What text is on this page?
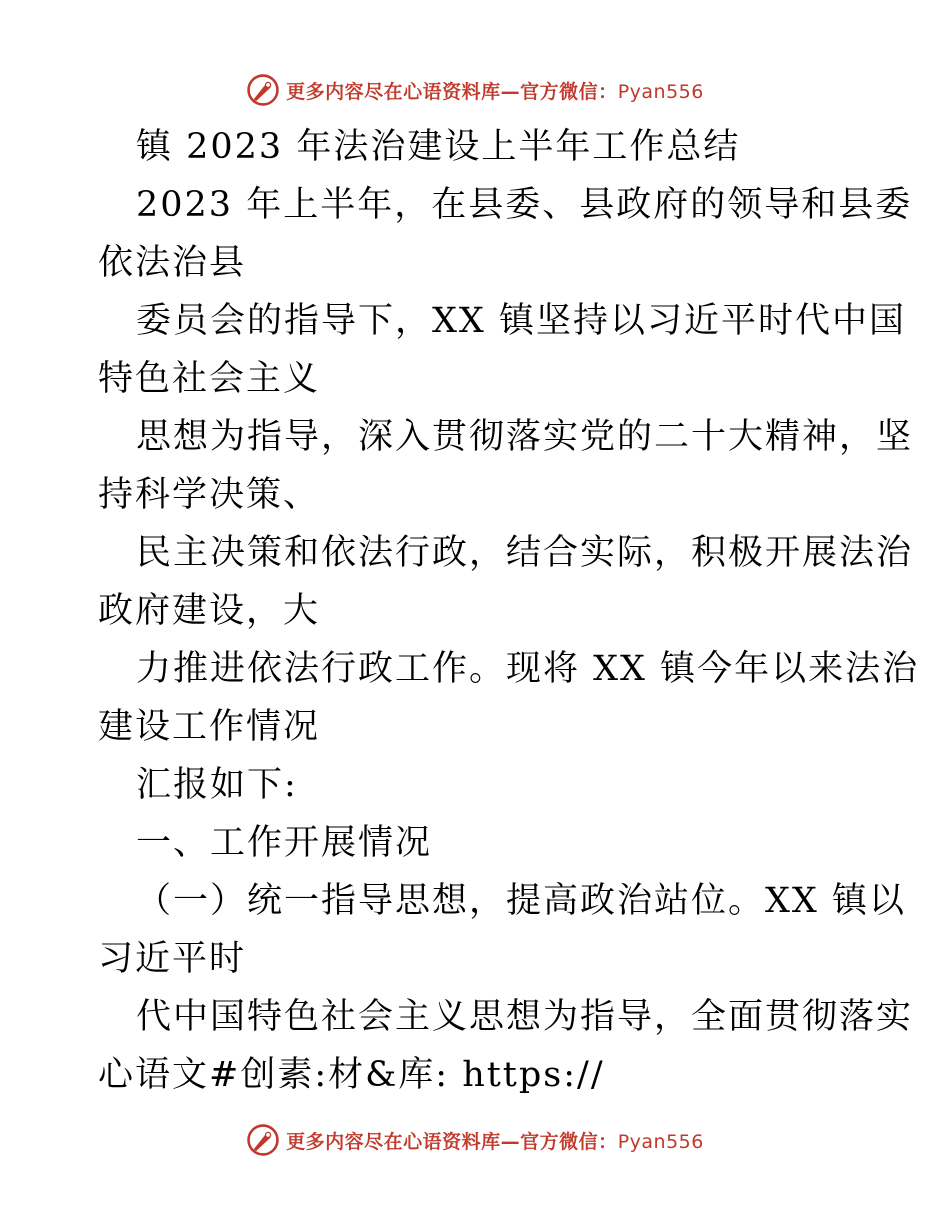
更多内容尽在心语资料库—官方微信：Pyan556
镇 2023 年法治建设上半年工作总结
2023 年上半年，在县委、县政府的领导和县委
依法治县
委员会的指导下，XX 镇坚持以习近平时代中国
特色社会主义
思想为指导，深入贯彻落实党的二十大精神，坚
持科学决策、
民主决策和依法行政，结合实际，积极开展法治
政府建设，大
力推进依法行政工作。现将 XX 镇今年以来法治
建设工作情况
汇报如下:
一、工作开展情况
（一）统一指导思想，提高政治站位。XX 镇以
习近平时
代中国特色社会主义思想为指导，全面贯彻落实
心语文#创素:材&库: https://
更多内容尽在心语资料库—官方微信：Pyan556
